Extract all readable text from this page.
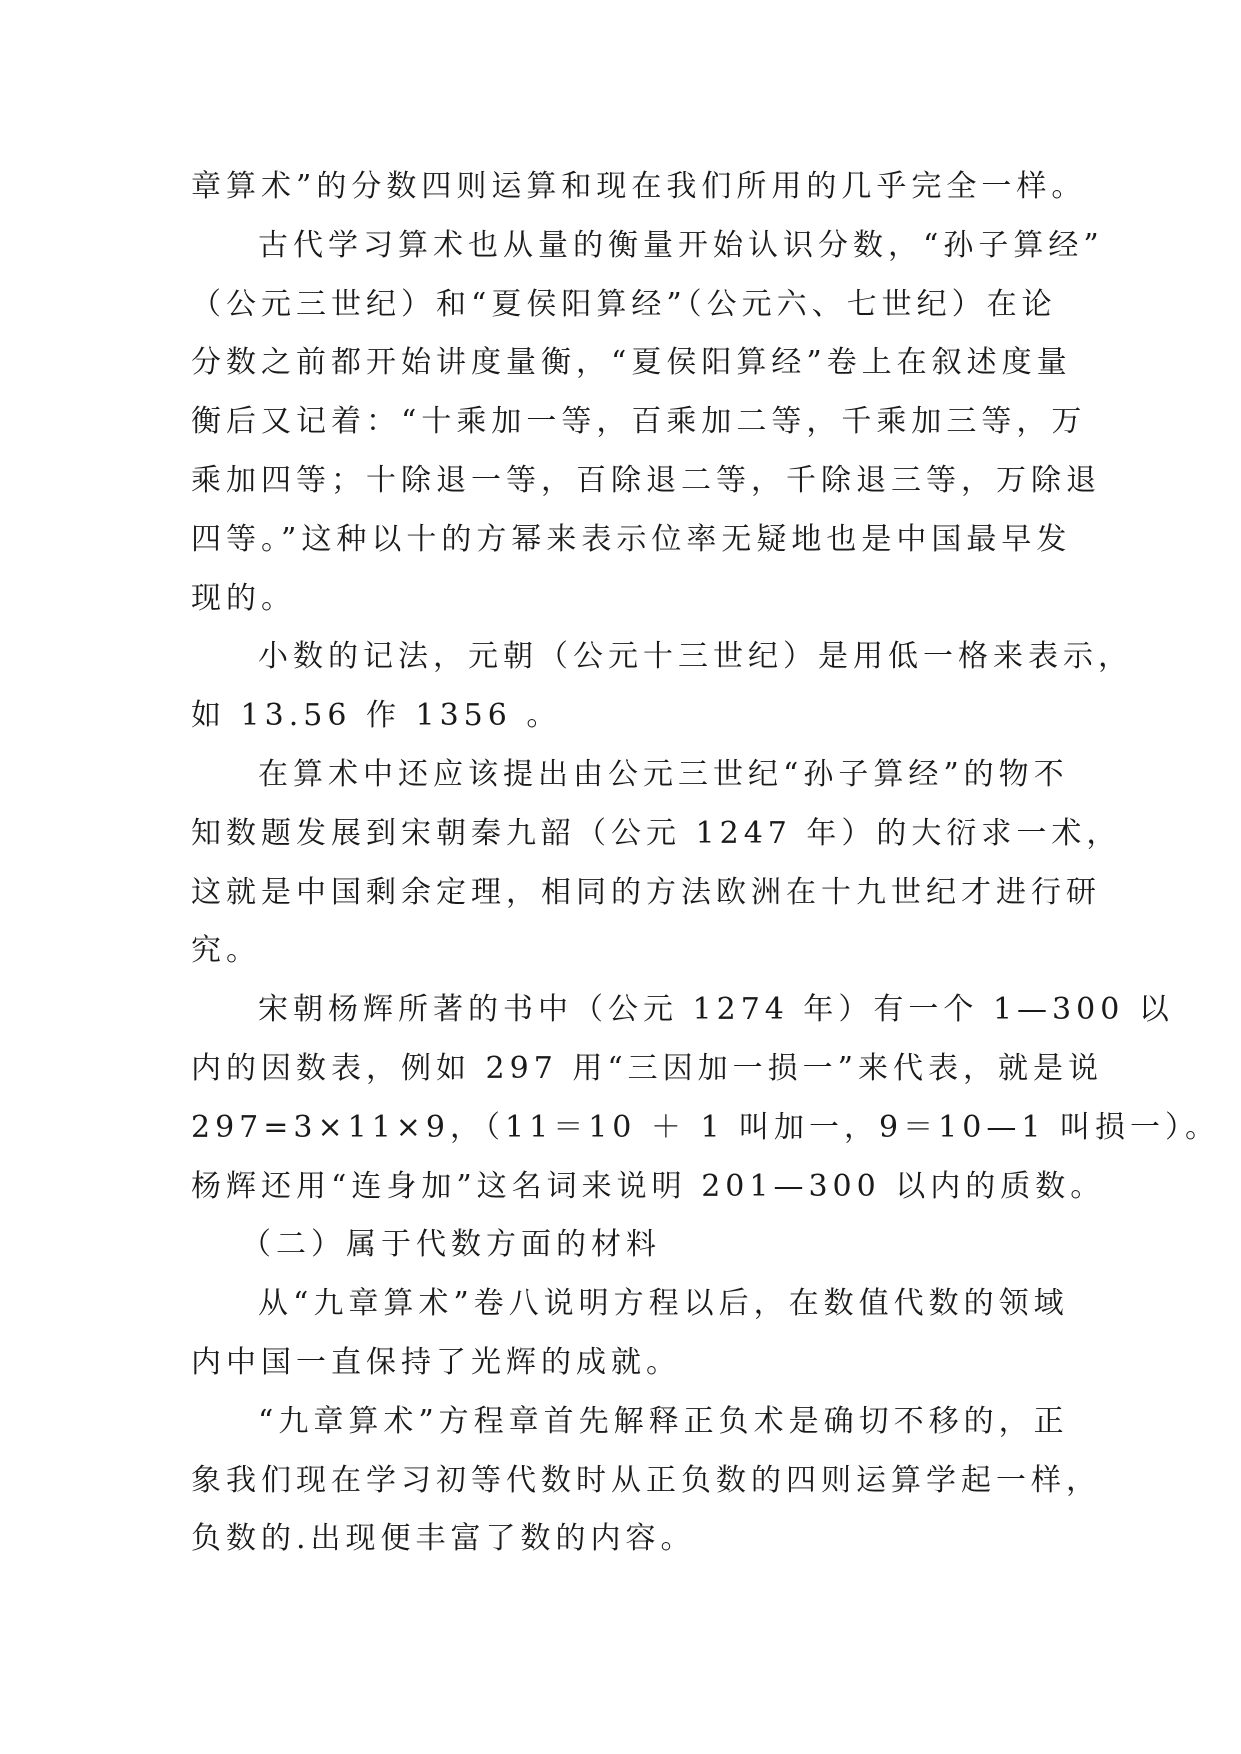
章算术”的分数四则运算和现在我们所用的几乎完全一样。
古代学习算术也从量的衡量开始认识分数，“孙子算经”
（公元三世纪）和“夏侯阳算经”（公元六、七世纪）在论
分数之前都开始讲度量衡，“夏侯阳算经”卷上在叙述度量
衡后又记着：“十乘加一等，百乘加二等，千乘加三等，万
乘加四等；十除退一等，百除退二等，千除退三等，万除退
四等。”这种以十的方幂来表示位率无疑地也是中国最早发
现的。
小数的记法，元朝（公元十三世纪）是用低一格来表示，
如 13.56 作 1356 。
在算术中还应该提出由公元三世纪“孙子算经”的物不
知数题发展到宋朝秦九韶（公元 1247 年）的大衍求一术，
这就是中国剩余定理，相同的方法欧洲在十九世纪才进行研
究。
宋朝杨辉所著的书中（公元 1274 年）有一个 1—300 以
内的因数表，例如 297 用“三因加一损一”来代表，就是说
297=3×11×9，（11＝10 ＋ 1 叫加一，9＝10—1 叫损一）。
杨辉还用“连身加”这名词来说明 201—300 以内的质数。
（二）属于代数方面的材料
从“九章算术”卷八说明方程以后，在数值代数的领域
内中国一直保持了光辉的成就。
“九章算术”方程章首先解释正负术是确切不移的，正
象我们现在学习初等代数时从正负数的四则运算学起一样，
负数的.出现便丰富了数的内容。
